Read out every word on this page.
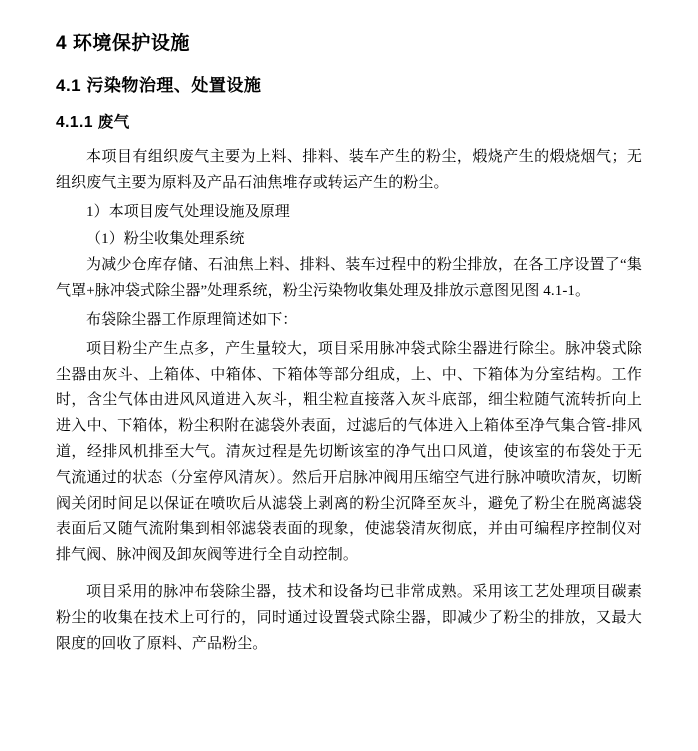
4 环境保护设施
4.1 污染物治理、处置设施
4.1.1 废气

本项目有组织废气主要为上料、排料、装车产生的粉尘，煅烧产生的煅烧烟气；无组织废气主要为原料及产品石油焦堆存或转运产生的粉尘。

1）本项目废气处理设施及原理

（1）粉尘收集处理系统

为减少仓库存储、石油焦上料、排料、装车过程中的粉尘排放，在各工序设置了“集气罩+脉冲袋式除尘器”处理系统，粉尘污染物收集处理及排放示意图见图 4.1-1。

布袋除尘器工作原理简述如下：

项目粉尘产生点多，产生量较大，项目采用脉冲袋式除尘器进行除尘。脉冲袋式除尘器由灰斗、上箱体、中箱体、下箱体等部分组成，上、中、下箱体为分室结构。工作时，含尘气体由进风风道进入灰斗，粗尘粒直接落入灰斗底部，细尘粒随气流转折向上进入中、下箱体，粉尘积附在滤袋外表面，过滤后的气体进入上箱体至净气集合管-排风道，经排风机排至大气。清灰过程是先切断该室的净气出口风道，使该室的布袋处于无气流通过的状态（分室停风清灰）。然后开启脉冲阀用压缩空气进行脉冲喷吹清灰，切断阀关闭时间足以保证在喷吹后从滤袋上剥离的粉尘沉降至灰斗，避免了粉尘在脱离滤袋表面后又随气流附集到相邻滤袋表面的现象，使滤袋清灰彻底，并由可编程序控制仪对排气阀、脉冲阀及卸灰阀等进行全自动控制。

项目采用的脉冲布袋除尘器，技术和设备均已非常成熟。采用该工艺处理项目碳素粉尘的收集在技术上可行的，同时通过设置袋式除尘器，即减少了粉尘的排放，又最大限度的回收了原料、产品粉尘。
